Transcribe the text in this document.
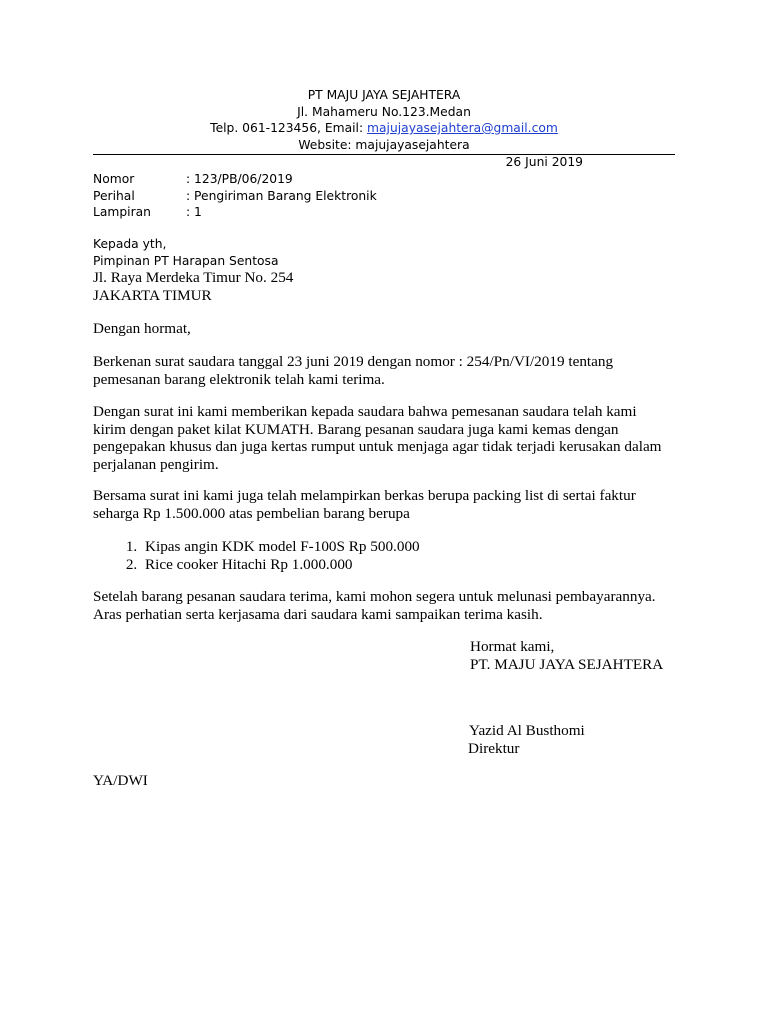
PT MAJU JAYA SEJAHTERA
Jl. Mahameru No.123.Medan
Telp. 061-123456, Email: majujayasejahtera@gmail.com
Website: majujayasejahtera
26 Juni 2019
Nomor	: 123/PB/06/2019
Perihal	: Pengiriman Barang Elektronik
Lampiran	: 1
Kepada yth,
Pimpinan PT Harapan Sentosa
Jl. Raya Merdeka Timur No. 254
JAKARTA TIMUR
Dengan hormat,
Berkenan surat saudara tanggal 23 juni 2019 dengan nomor : 254/Pn/VI/2019 tentang
pemesanan barang elektronik telah kami terima.
Dengan surat ini kami memberikan kepada saudara bahwa pemesanan saudara telah kami
kirim dengan paket kilat KUMATH. Barang pesanan saudara juga kami kemas dengan
pengepakan khusus dan juga kertas rumput untuk menjaga agar tidak terjadi kerusakan dalam
perjalanan pengirim.
Bersama surat ini kami juga telah melampirkan berkas berupa packing list di sertai faktur
seharga Rp 1.500.000 atas pembelian barang berupa
1. Kipas angin KDK model F-100S Rp 500.000
2. Rice cooker Hitachi Rp 1.000.000
Setelah barang pesanan saudara terima, kami mohon segera untuk melunasi pembayarannya.
Aras perhatian serta kerjasama dari saudara kami sampaikan terima kasih.
Hormat kami,
PT. MAJU JAYA SEJAHTERA
Yazid Al Busthomi
Direktur
YA/DWI
